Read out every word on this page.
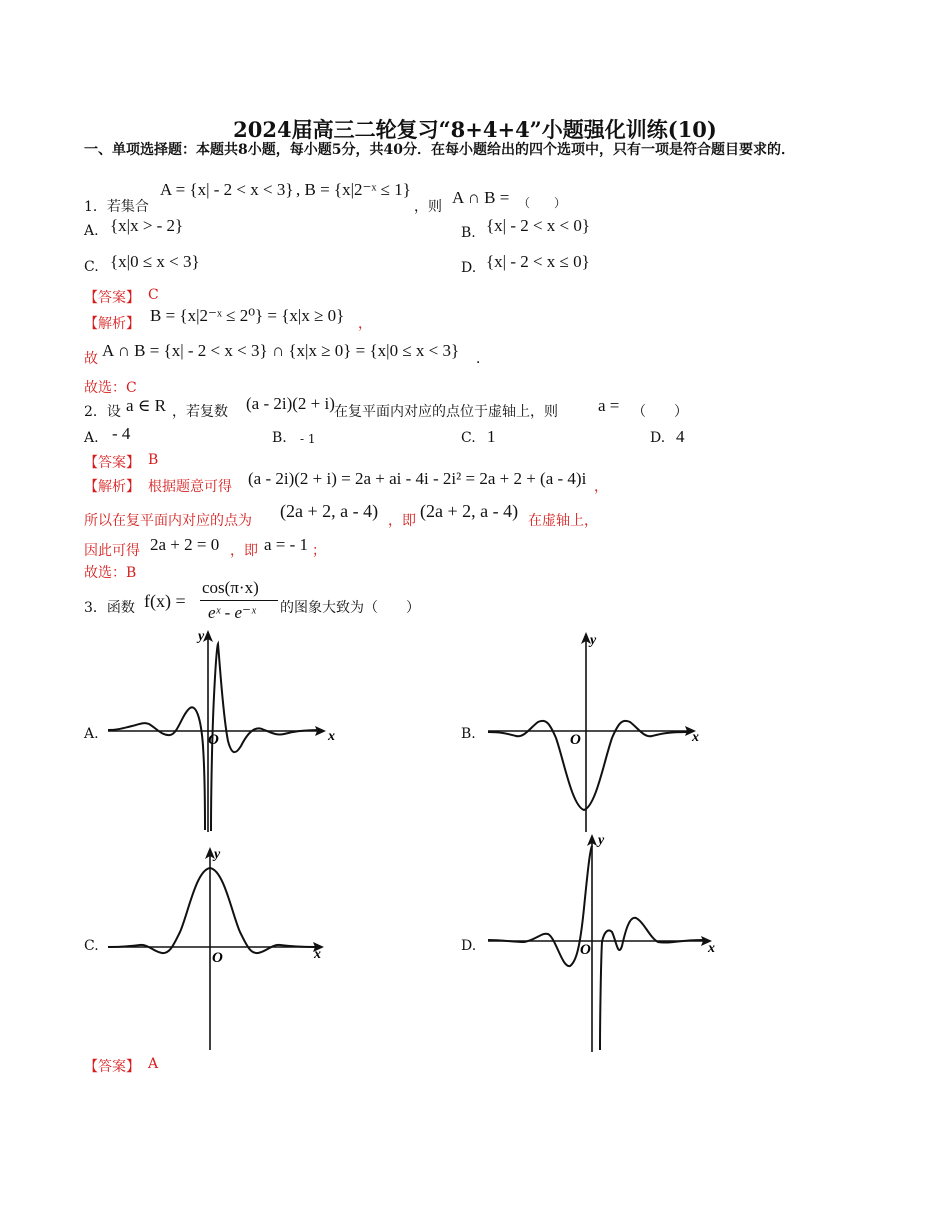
2024届高三二轮复习“8+4+4”小题强化训练(10)
一、单项选择题：本题共8小题，每小题5分，共40分．在每小题给出的四个选项中，只有一项是符合题目要求的．
1．若集合
A = {x| - 2 < x < 3} , B = {x|2⁻ˣ ≤ 1}
，则 A ∩ B = （　　）
A. {x|x > - 2}	B. {x| - 2 < x < 0}
C. {x|0 ≤ x < 3}	D. {x| - 2 < x ≤ 0}
【答案】 C
【解析】 B = {x|2⁻ˣ ≤ 2⁰} = {x|x ≥ 0} ，
故 A ∩ B = {x| - 2 < x < 3} ∩ {x|x ≥ 0} = {x|0 ≤ x < 3} ．
故选：C
2．设 a ∈ R ，若复数 (a - 2i)(2 + i) 在复平面内对应的点位于虚轴上，则 a = （　　）
A. - 4	B. - 1	C. 1	D. 4
【答案】 B
【解析】 根据题意可得 (a - 2i)(2 + i) = 2a + ai - 4i - 2i² = 2a + 2 + (a - 4)i ，
所以在复平面内对应的点为 (2a + 2, a - 4) ，即 (2a + 2, a - 4) 在虚轴上，
因此可得 2a + 2 = 0 ，即 a = - 1 ；
故选：B
3．函数 f(x) =
cos(π·x)
eˣ - e⁻ˣ 的图象大致为（　　）
A.	x
y
O	B.	x
y
O
C.
x
y
O
D.	x
y
O
【答案】 A
